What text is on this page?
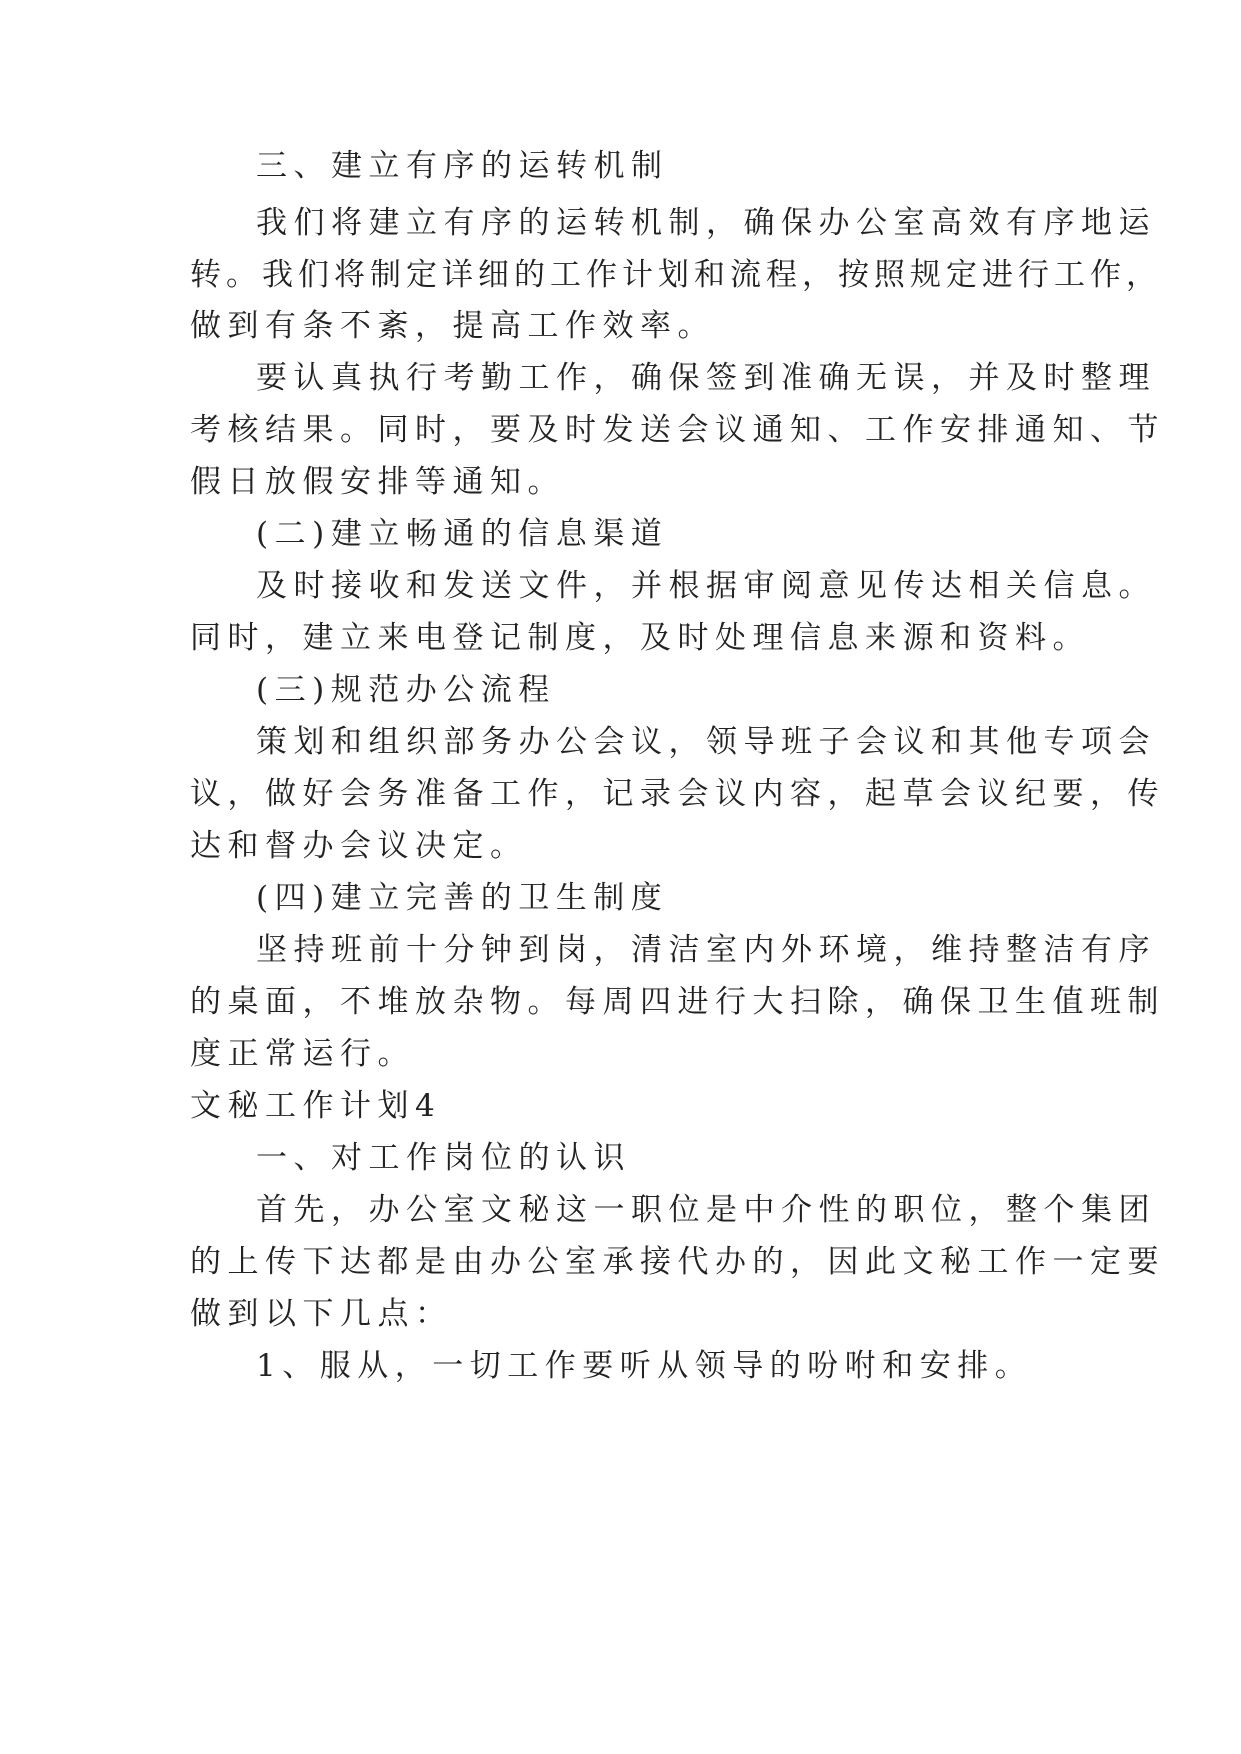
三、建立有序的运转机制
我们将建立有序的运转机制，确保办公室高效有序地运
转。我们将制定详细的工作计划和流程，按照规定进行工作，
做到有条不紊，提高工作效率。
要认真执行考勤工作，确保签到准确无误，并及时整理
考核结果。同时，要及时发送会议通知、工作安排通知、节
假日放假安排等通知。
(二)建立畅通的信息渠道
及时接收和发送文件，并根据审阅意见传达相关信息。
同时，建立来电登记制度，及时处理信息来源和资料。
(三)规范办公流程
策划和组织部务办公会议，领导班子会议和其他专项会
议，做好会务准备工作，记录会议内容，起草会议纪要，传
达和督办会议决定。
(四)建立完善的卫生制度
坚持班前十分钟到岗，清洁室内外环境，维持整洁有序
的桌面，不堆放杂物。每周四进行大扫除，确保卫生值班制
度正常运行。
文秘工作计划4
一、对工作岗位的认识
首先，办公室文秘这一职位是中介性的职位，整个集团
的上传下达都是由办公室承接代办的，因此文秘工作一定要
做到以下几点：
1、服从，一切工作要听从领导的吩咐和安排。
